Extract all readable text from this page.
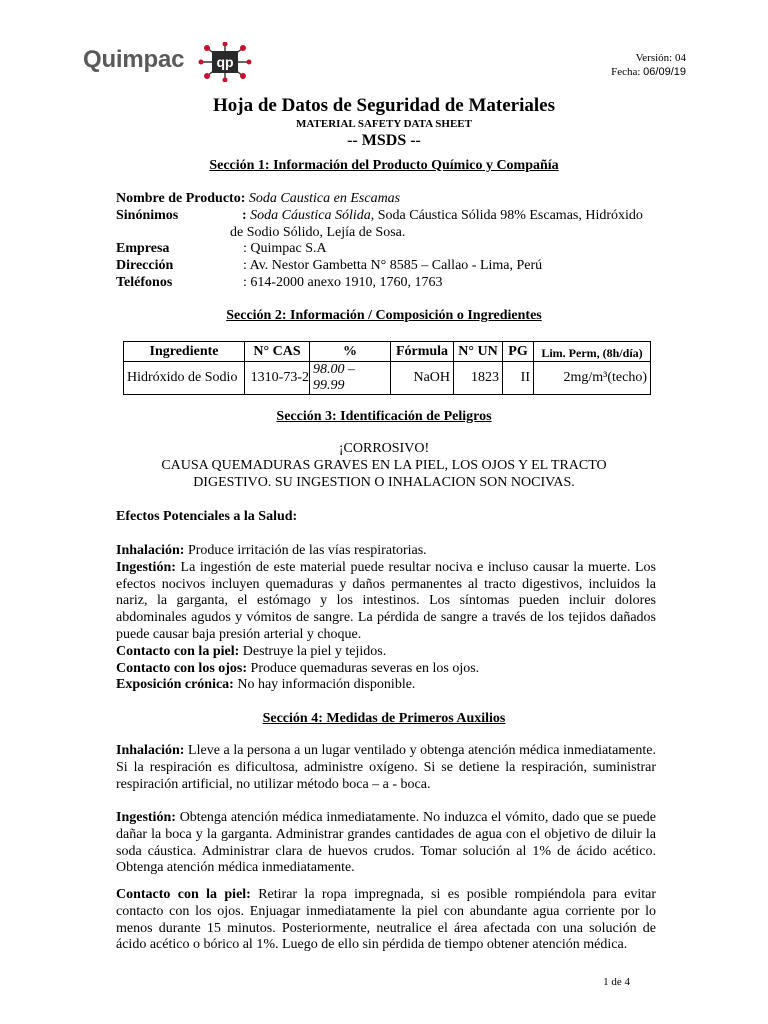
Quimpac qp	Versión: 04
Fecha: 06/09/19
Hoja de Datos de Seguridad de Materiales
MATERIAL SAFETY DATA SHEET
-- MSDS --
Sección 1: Información del Producto Químico y Compañía
Nombre de Producto: Soda Caustica en Escamas
Sinónimos	: Soda Cáustica Sólida, Soda Cáustica Sólida 98% Escamas, Hidróxido
de Sodio Sólido, Lejía de Sosa.
Empresa	: Quimpac S.A
Dirección	: Av. Nestor Gambetta N° 8585 – Callao - Lima, Perú
Teléfonos	: 614-2000 anexo 1910, 1760, 1763
Sección 2: Información / Composición o Ingredientes
Ingrediente	N° CAS	%	Fórmula	N° UN	PG	Lim. Perm, (8h/día)
Hidróxido de Sodio	1310-73-2	98.00 – 99.99	NaOH	1823	II	2mg/m³(techo)
Sección 3: Identificación de Peligros
¡CORROSIVO!
CAUSA QUEMADURAS GRAVES EN LA PIEL, LOS OJOS Y EL TRACTO
DIGESTIVO. SU INGESTION O INHALACION SON NOCIVAS.
Efectos Potenciales a la Salud:
Inhalación: Produce irritación de las vías respiratorias.
Ingestión: La ingestión de este material puede resultar nociva e incluso causar la muerte. Los efectos nocivos incluyen quemaduras y daños permanentes al tracto digestivos, incluidos la nariz, la garganta, el estómago y los intestinos. Los síntomas pueden incluir dolores abdominales agudos y vómitos de sangre. La pérdida de sangre a través de los tejidos dañados puede causar baja presión arterial y choque.
Contacto con la piel: Destruye la piel y tejidos.
Contacto con los ojos: Produce quemaduras severas en los ojos.
Exposición crónica: No hay información disponible.
Sección 4: Medidas de Primeros Auxilios
Inhalación: Lleve a la persona a un lugar ventilado y obtenga atención médica inmediatamente. Si la respiración es dificultosa, administre oxígeno. Si se detiene la respiración, suministrar respiración artificial, no utilizar método boca – a - boca.
Ingestión: Obtenga atención médica inmediatamente. No induzca el vómito, dado que se puede dañar la boca y la garganta. Administrar grandes cantidades de agua con el objetivo de diluir la soda cáustica. Administrar clara de huevos crudos. Tomar solución al 1% de ácido acético. Obtenga atención médica inmediatamente.
Contacto con la piel: Retirar la ropa impregnada, si es posible rompiéndola para evitar contacto con los ojos. Enjuagar inmediatamente la piel con abundante agua corriente por lo menos durante 15 minutos. Posteriormente, neutralice el área afectada con una solución de ácido acético o bórico al 1%. Luego de ello sin pérdida de tiempo obtener atención médica.
1 de 4
